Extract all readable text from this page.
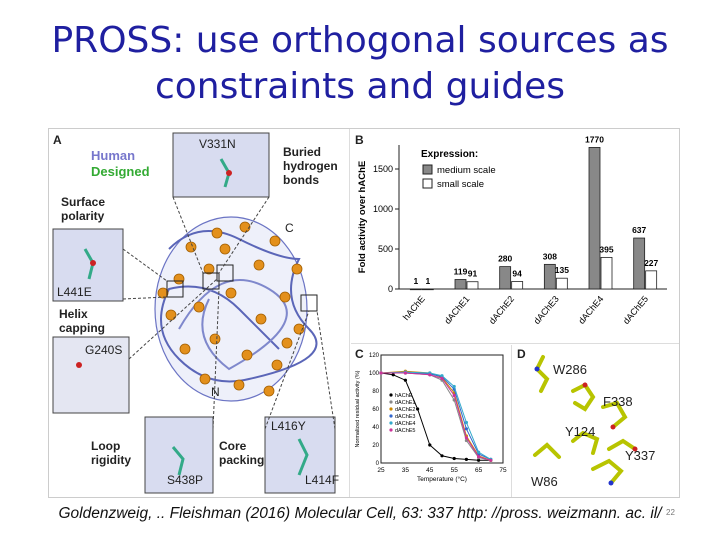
PROSS: use orthogonal sources as
constraints and guides
A
Human
Designed
V331N
Buried
hydrogen
bonds
Surface
polarity
L441E
C
Helix
capping
G240S
N
L416Y
Loop
rigidity
Core
packing
S438P	L414F
B
0
500
1000
1500
Fold activity over hAChE
1 1
hAChE
119 91
dAChE1
280
94
dAChE2
308
135
dAChE3
1770
395
dAChE4
637
227
dAChE5
Expression:
medium scale
small scale
C
25	35	45	55	65	75
0
20
40
60
80
100
120
Temperature (°C)
Normalized residual activity (%)	hAChE
dAChE1
dAChE2
dAChE3
dAChE4
dAChE5
D
W286
F338
Y124
Y337
W86
Goldenzweig, .. Fleishman (2016) Molecular Cell, 63: 337 http: //pross. weizmann. ac. il/ 22
